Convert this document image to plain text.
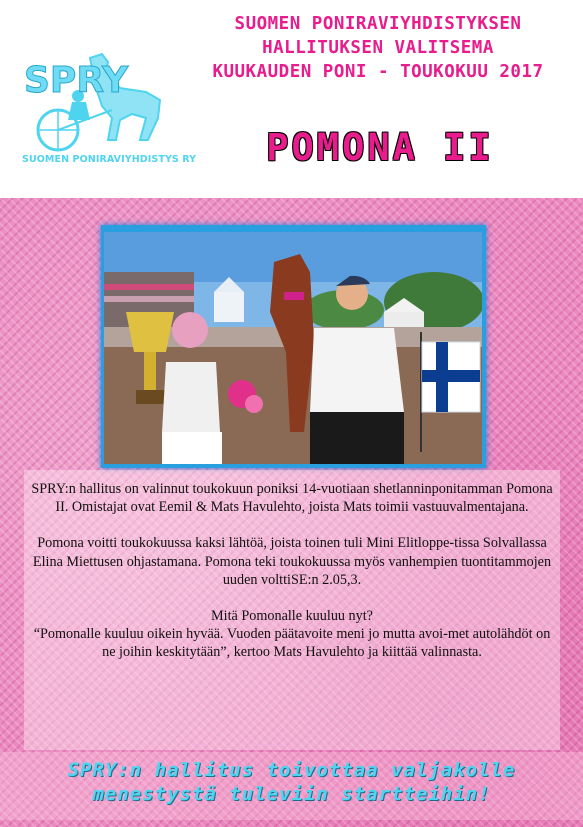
SPRY
SUOMEN PONIRAVIYHDISTYS RY
SUOMEN PONIRAVIYHDISTYKSEN
HALLITUKSEN VALITSEMA
KUUKAUDEN PONI - TOUKOKUU 2017
POMONA II

SPRY:n hallitus on valinnut toukokuun poniksi 14-vuotiaan shetlanninponitamman Pomona II. Omistajat ovat Eemil & Mats Havulehto, joista Mats toimii vastuuvalmentajana.

Pomona voitti toukokuussa kaksi lähtöä, joista toinen tuli Mini Elitloppe-tissa Solvallassa Elina Miettusen ohjastamana. Pomona teki toukokuussa myös vanhempien tuontitammojen uuden volttiSE:n 2.05,3.

Mitä Pomonalle kuuluu nyt?

“Pomonalle kuuluu oikein hyvää. Vuoden päätavoite meni jo mutta avoi-met autolähdöt on ne joihin keskitytään”, kertoo Mats Havulehto ja kiittää valinnasta.

SPRY:n hallitus toivottaa valjakolle
menestystä tuleviin startteihin!
